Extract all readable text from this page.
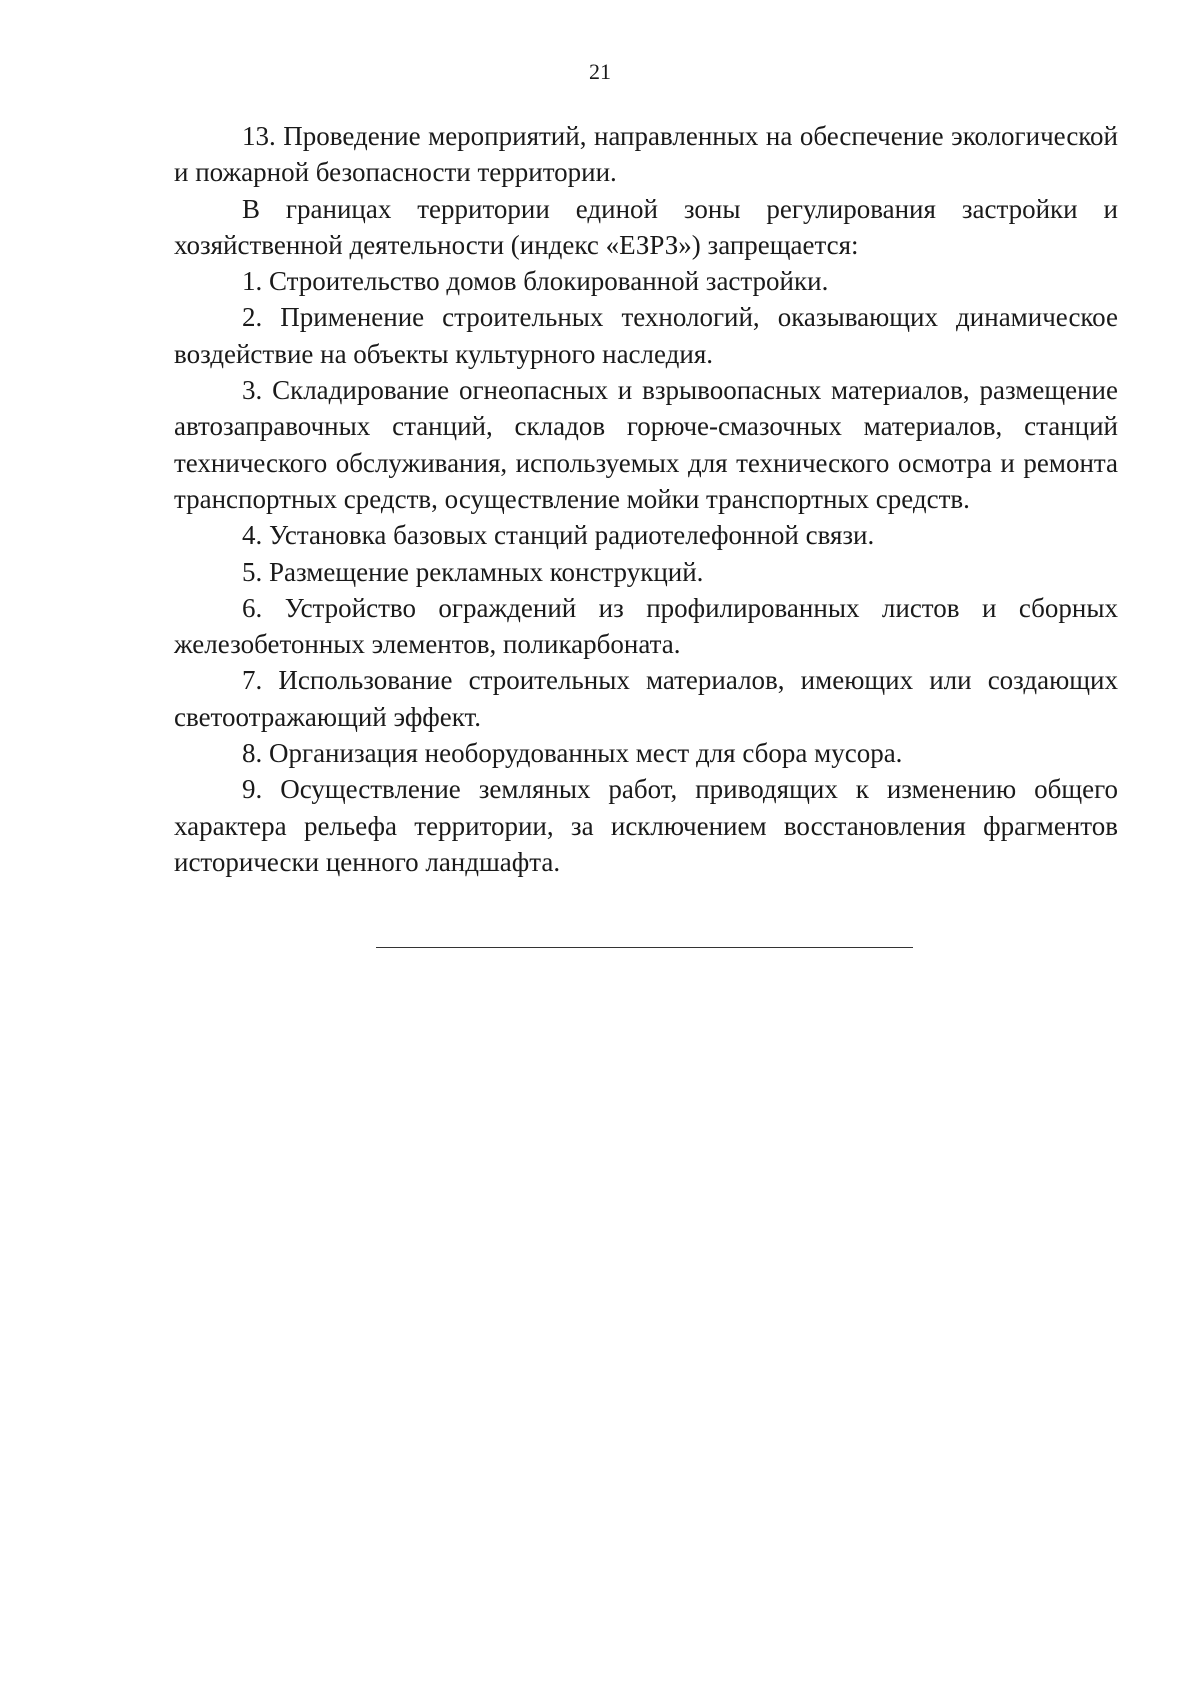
21

13. Проведение мероприятий, направленных на обеспечение экологической и пожарной безопасности территории.

В границах территории единой зоны регулирования застройки и хозяйственной деятельности (индекс «ЕЗРЗ») запрещается:

1. Строительство домов блокированной застройки.

2. Применение строительных технологий, оказывающих динамическое воздействие на объекты культурного наследия.

3. Складирование огнеопасных и взрывоопасных материалов, размещение автозаправочных станций, складов горюче-смазочных материалов, станций технического обслуживания, используемых для технического осмотра и ремонта транспортных средств, осуществление мойки транспортных средств.

4. Установка базовых станций радиотелефонной связи.

5. Размещение рекламных конструкций.

6. Устройство ограждений из профилированных листов и сборных железобетонных элементов, поликарбоната.

7. Использование строительных материалов, имеющих или создающих светоотражающий эффект.

8. Организация необорудованных мест для сбора мусора.

9. Осуществление земляных работ, приводящих к изменению общего характера рельефа территории, за исключением восстановления фрагментов исторически ценного ландшафта.
